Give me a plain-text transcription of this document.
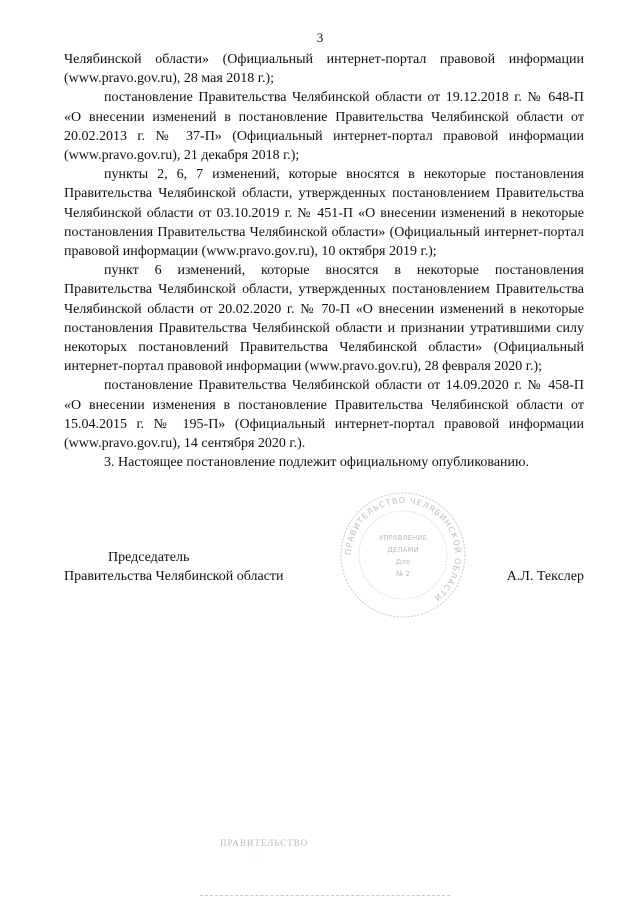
3

Челябинской области» (Официальный интернет-портал правовой информации (www.pravo.gov.ru), 28 мая 2018 г.);

постановление Правительства Челябинской области от 19.12.2018 г. № 648-П «О внесении изменений в постановление Правительства Челябинской области от 20.02.2013 г. № 37-П» (Официальный интернет-портал правовой информации (www.pravo.gov.ru), 21 декабря 2018 г.);

пункты 2, 6, 7 изменений, которые вносятся в некоторые постановления Правительства Челябинской области, утвержденных постановлением Правительства Челябинской области от 03.10.2019 г. № 451-П «О внесении изменений в некоторые постановления Правительства Челябинской области» (Официальный интернет-портал правовой информации (www.pravo.gov.ru), 10 октября 2019 г.);

пункт 6 изменений, которые вносятся в некоторые постановления Правительства Челябинской области, утвержденных постановлением Правительства Челябинской области от 20.02.2020 г. № 70-П «О внесении изменений в некоторые постановления Правительства Челябинской области и признании утратившими силу некоторых постановлений Правительства Челябинской области» (Официальный интернет-портал правовой информации (www.pravo.gov.ru), 28 февраля 2020 г.);

постановление Правительства Челябинской области от 14.09.2020 г. № 458-П «О внесении изменения в постановление Правительства Челябинской области от 15.04.2015 г. № 195-П» (Официальный интернет-портал правовой информации (www.pravo.gov.ru), 14 сентября 2020 г.).

3. Настоящее постановление подлежит официальному опубликованию.

ПРАВИТЕЛЬСТВО ЧЕЛЯБИНСКОЙ ОБЛАСТИ
УПРАВЛЕНИЕ
ДЕЛАМИ
Для
№ 2
Председатель
Правительства Челябинской области	А.Л. Текслер
ПРАВИТЕЛЬСТВО
· · ·
